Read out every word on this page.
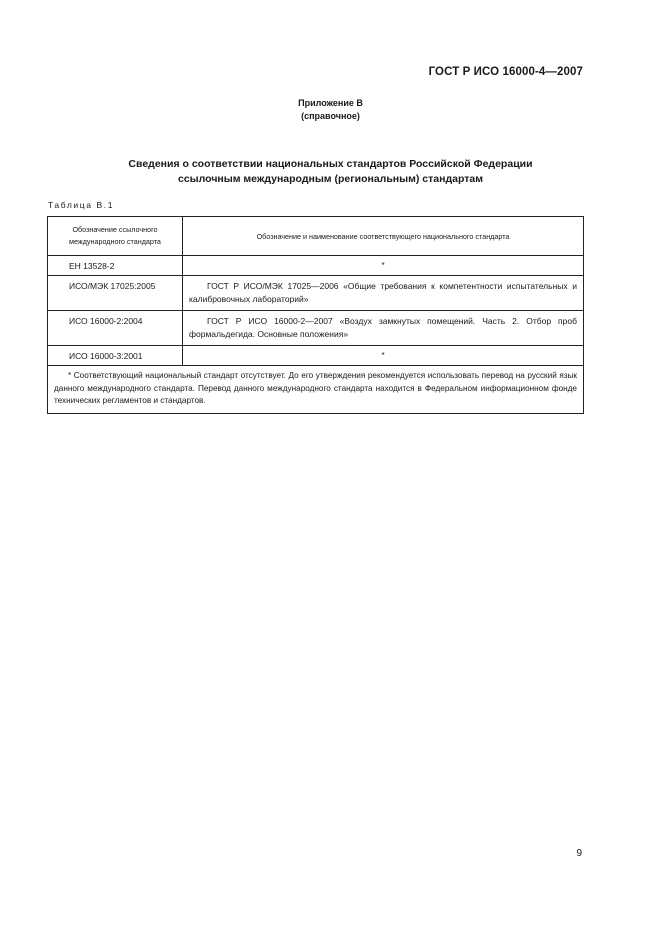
ГОСТ Р ИСО 16000-4—2007
Приложение В
(справочное)
Сведения о соответствии национальных стандартов Российской Федерации
ссылочным международным (региональным) стандартам
Таблица В.1
Обозначение ссылочного международного стандарта	Обозначение и наименование соответствующего национального стандарта
ЕН 13528-2	*
ИСО/МЭК 17025:2005	ГОСТ Р ИСО/МЭК 17025—2006 «Общие требования к компетентности испытательных и калибровочных лабораторий»
ИСО 16000-2:2004	ГОСТ Р ИСО 16000-2—2007 «Воздух замкнутых помещений. Часть 2. Отбор проб формальдегида. Основные положения»
ИСО 16000-3:2001	*
* Соответствующий национальный стандарт отсутствует. До его утверждения рекомендуется использовать перевод на русский язык данного международного стандарта. Перевод данного международного стандарта находится в Федеральном информационном фонде технических регламентов и стандартов.	
9
